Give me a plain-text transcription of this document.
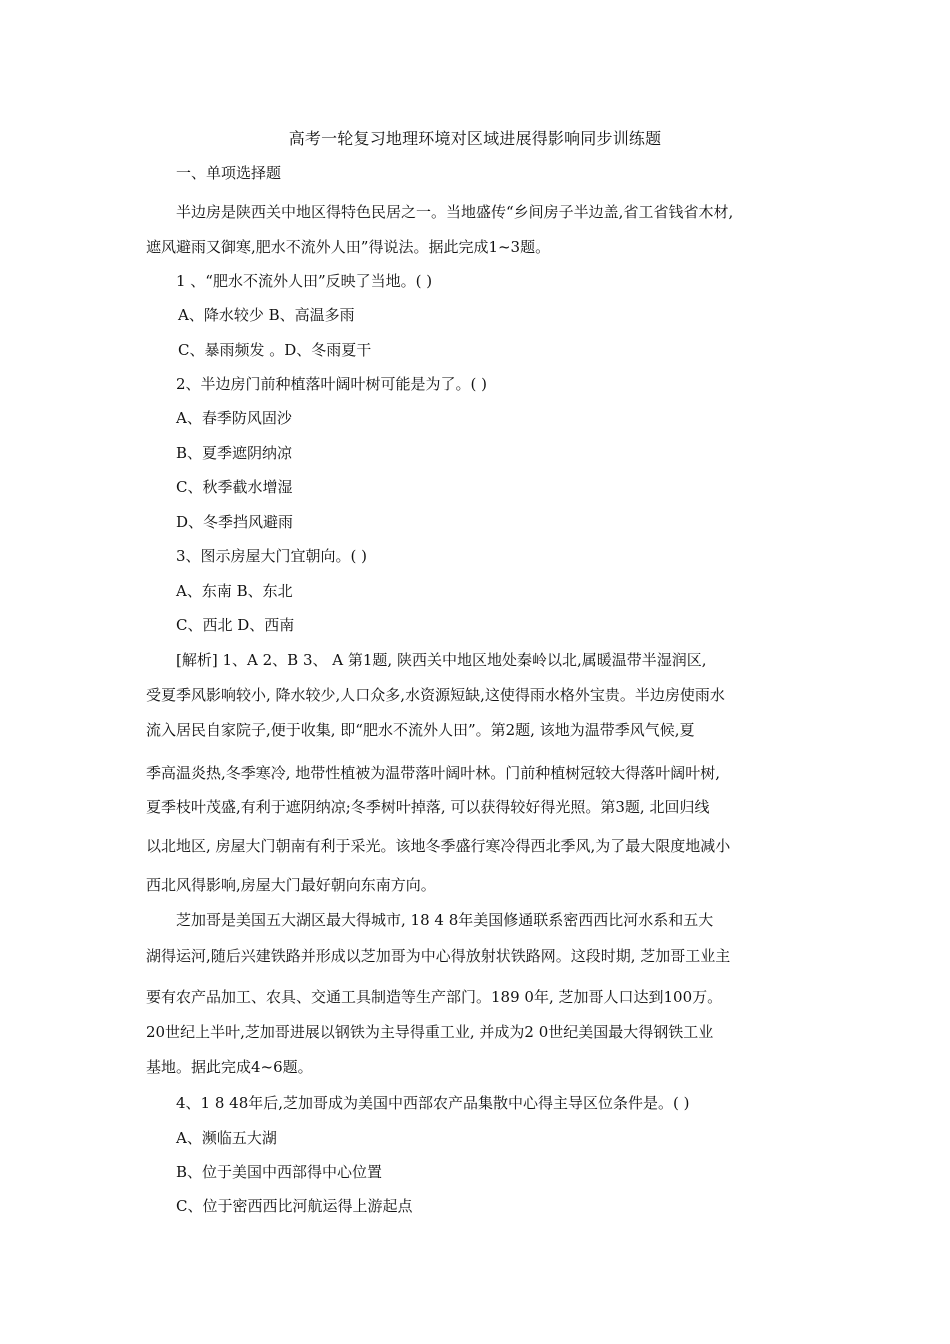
高考一轮复习地理环境对区域进展得影响同步训练题
一、单项选择题
半边房是陕西关中地区得特色民居之一。当地盛传“乡间房子半边盖,省工省钱省木材,
遮风避雨又御寒,肥水不流外人田”得说法。据此完成1~3题。
1 、“肥水不流外人田”反映了当地。( )
A、降水较少 B、高温多雨
C、暴雨频发 。D、冬雨夏干
2、半边房门前种植落叶阔叶树可能是为了。( )
A、春季防风固沙
B、夏季遮阴纳凉
C、秋季截水增湿
D、冬季挡风避雨
3、图示房屋大门宜朝向。( )
A、东南 B、东北
C、西北 D、西南
[解析] 1、A 2、B 3、 A 第1题, 陕西关中地区地处秦岭以北,属暖温带半湿润区,
受夏季风影响较小, 降水较少,人口众多,水资源短缺,这使得雨水格外宝贵。半边房使雨水
流入居民自家院子,便于收集, 即“肥水不流外人田”。第2题, 该地为温带季风气候,夏
季高温炎热,冬季寒冷, 地带性植被为温带落叶阔叶林。门前种植树冠较大得落叶阔叶树,
夏季枝叶茂盛,有利于遮阴纳凉;冬季树叶掉落, 可以获得较好得光照。第3题, 北回归线
以北地区, 房屋大门朝南有利于采光。该地冬季盛行寒冷得西北季风,为了最大限度地减小
西北风得影响,房屋大门最好朝向东南方向。
芝加哥是美国五大湖区最大得城市, 18 4 8年美国修通联系密西西比河水系和五大
湖得运河,随后兴建铁路并形成以芝加哥为中心得放射状铁路网。这段时期, 芝加哥工业主
要有农产品加工、农具、交通工具制造等生产部门。189 0年, 芝加哥人口达到100万。
20世纪上半叶,芝加哥进展以钢铁为主导得重工业, 并成为2 0世纪美国最大得钢铁工业
基地。据此完成4~6题。
4、1 8 48年后,芝加哥成为美国中西部农产品集散中心得主导区位条件是。( )
A、濒临五大湖
B、位于美国中西部得中心位置
C、位于密西西比河航运得上游起点
